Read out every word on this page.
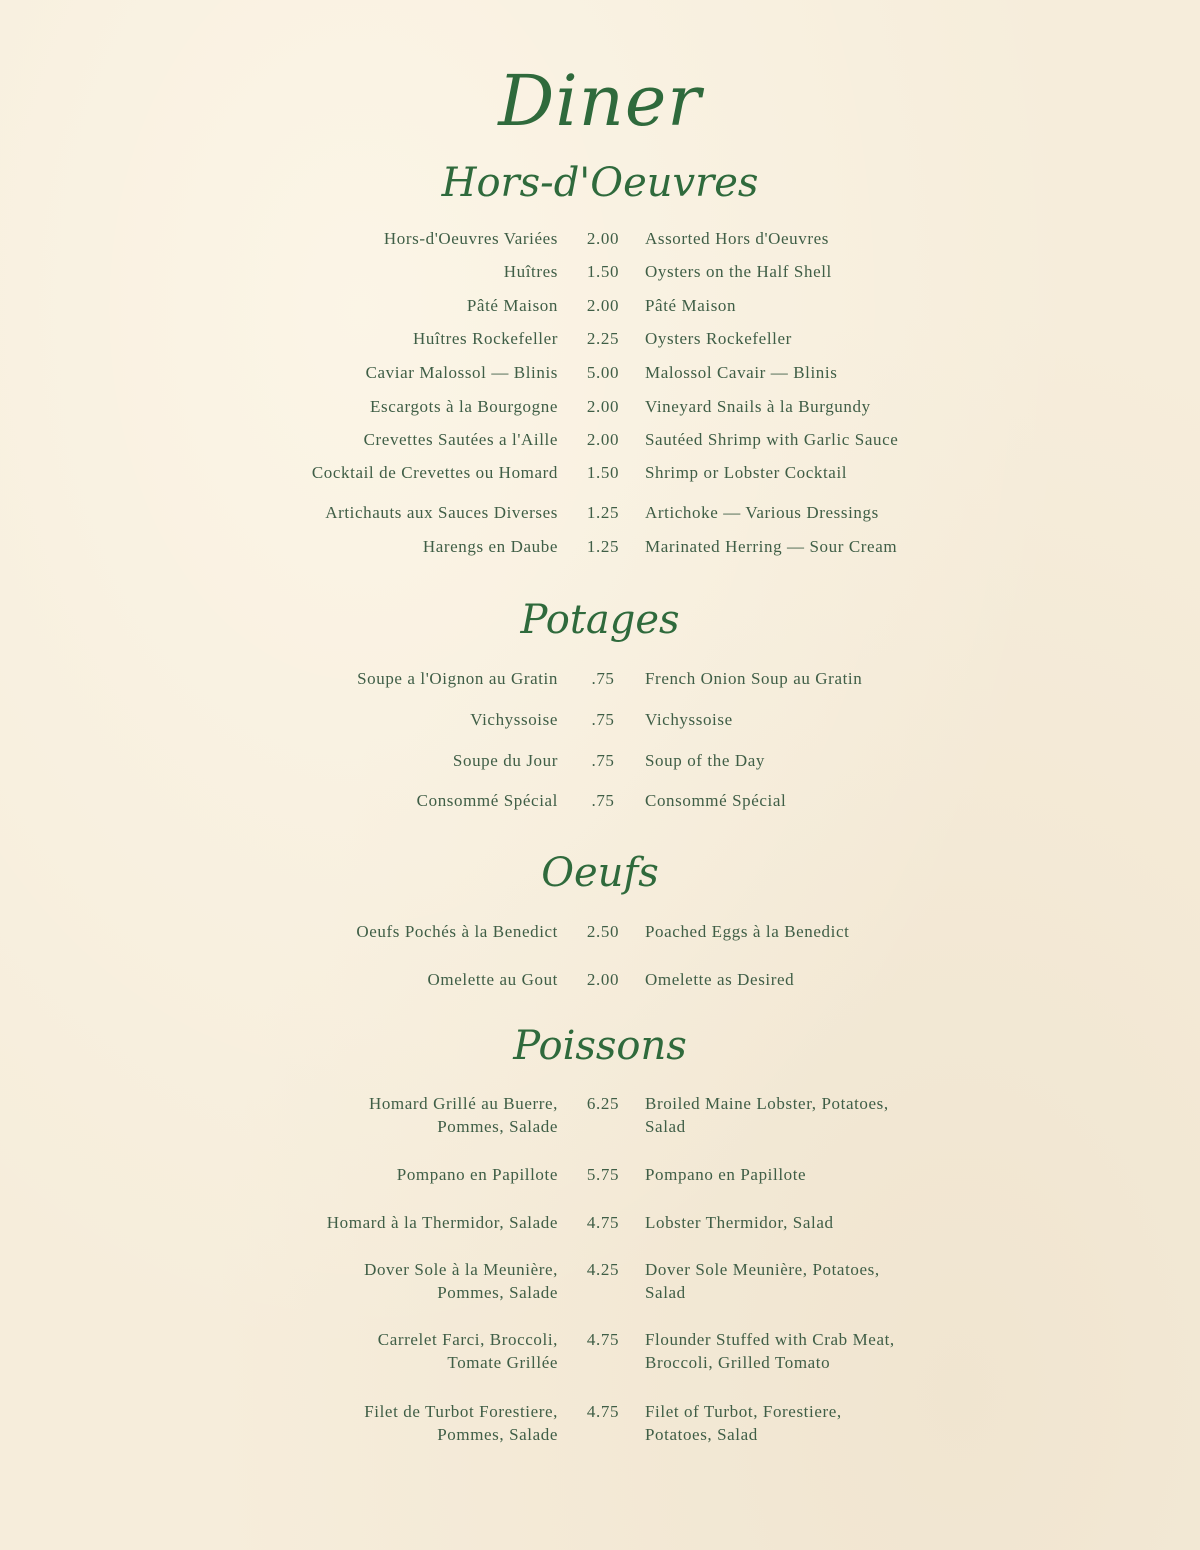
Diner
Hors-d'Oeuvres
Hors-d'Oeuvres Variées 2.00 Assorted Hors d'Oeuvres
Huîtres 1.50 Oysters on the Half Shell
Pâté Maison 2.00 Pâté Maison
Huîtres Rockefeller 2.25 Oysters Rockefeller
Caviar Malossol — Blinis 5.00 Malossol Cavair — Blinis
Escargots à la Bourgogne 2.00 Vineyard Snails à la Burgundy
Crevettes Sautées a l'Aille 2.00 Sautéed Shrimp with Garlic Sauce
Cocktail de Crevettes ou Homard 1.50 Shrimp or Lobster Cocktail
Artichauts aux Sauces Diverses 1.25 Artichoke — Various Dressings
Harengs en Daube 1.25 Marinated Herring — Sour Cream
Potages
Soupe a l'Oignon au Gratin	.75	French Onion Soup au Gratin
Vichyssoise	.75	Vichyssoise
Soupe du Jour	.75	Soup of the Day
Consommé Spécial	.75	Consommé Spécial
Oeufs
Oeufs Pochés à la Benedict 2.50 Poached Eggs à la Benedict
Omelette au Gout 2.00 Omelette as Desired
Poissons
Homard Grillé au Buerre,
Pommes, Salade
6.25 Broiled Maine Lobster, Potatoes,
Salad
Pompano en Papillote 5.75 Pompano en Papillote
Homard à la Thermidor, Salade 4.75 Lobster Thermidor, Salad
Dover Sole à la Meunière,
Pommes, Salade
4.25 Dover Sole Meunière, Potatoes,
Salad
Carrelet Farci, Broccoli,
Tomate Grillée
4.75 Flounder Stuffed with Crab Meat,
Broccoli, Grilled Tomato
Filet de Turbot Forestiere,
Pommes, Salade
4.75 Filet of Turbot, Forestiere,
Potatoes, Salad
